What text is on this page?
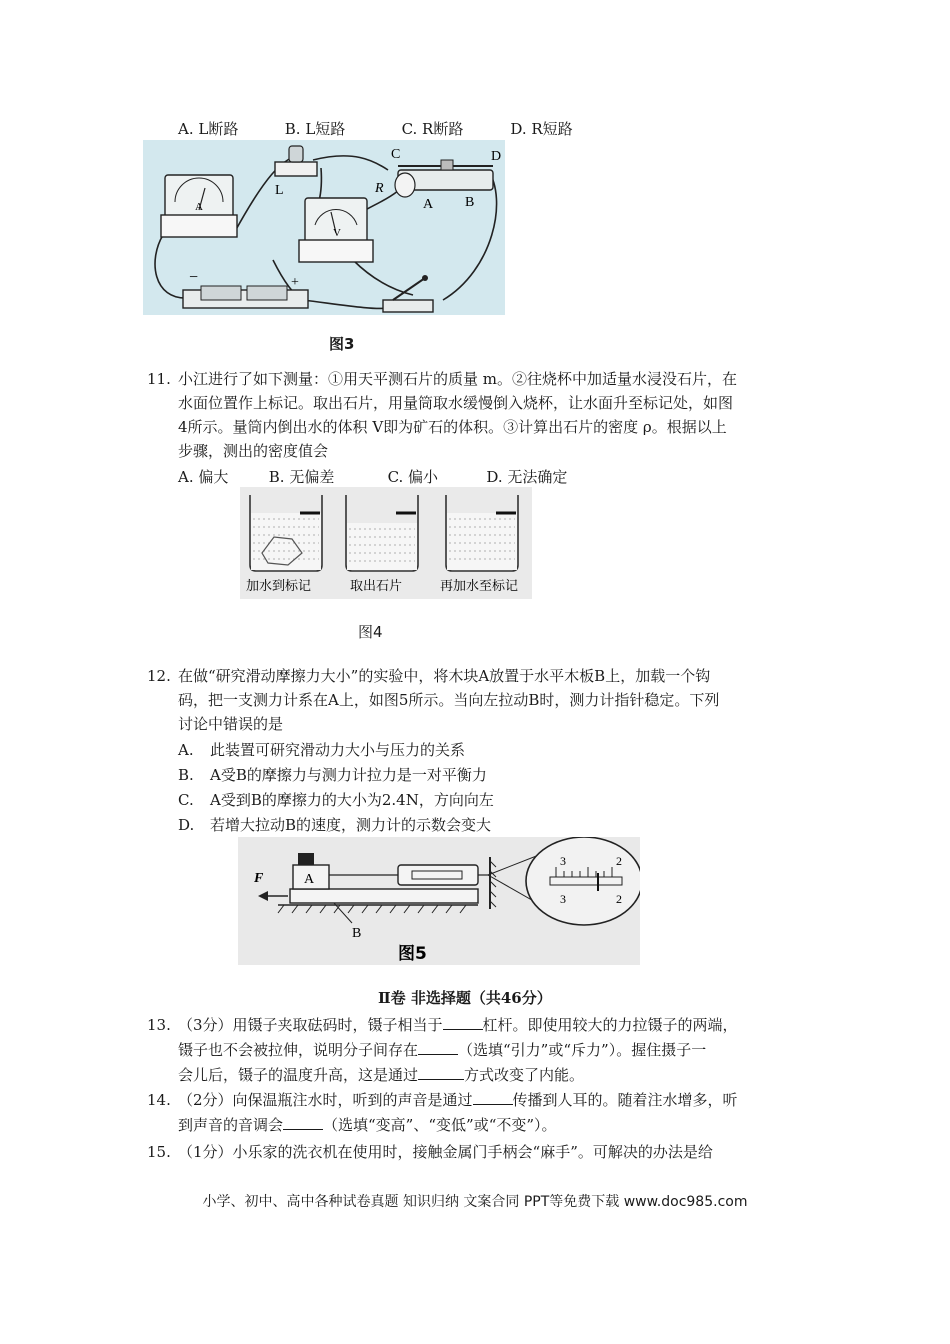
A. L断路	B. L短路	C. R断路	D. R短路
A
L
V
C	D
R
A B
−	+
图3
11. 小江进行了如下测量：①用天平测石片的质量 m。②往烧杯中加适量水浸没石片，在
水面位置作上标记。取出石片，用量筒取水缓慢倒入烧杯，让水面升至标记处，如图
4所示。量筒内倒出水的体积 V即为矿石的体积。③计算出石片的密度 ρ。根据以上
步骤，测出的密度值会
A. 偏大	B. 无偏差	C. 偏小	D. 无法确定
加水到标记	取出石片	再加水至标记
图4
12. 在做“研究滑动摩擦力大小”的实验中，将木块A放置于水平木板B上，加载一个钩
码，把一支测力计系在A上，如图5所示。当向左拉动B时，测力计指针稳定。下列
讨论中错误的是
A. 此装置可研究滑动力大小与压力的关系
B. A受B的摩擦力与测力计拉力是一对平衡力
C. A受到B的摩擦力的大小为2.4N，方向向左
D. 若增大拉动B的速度，测力计的示数会变大
F	A
B
图5
3
3
2
2
Ⅱ卷 非选择题（共46分）
13. （3分）用镊子夹取砝码时，镊子相当于	杠杆。即使用较大的力拉镊子的两端，
镊子也不会被拉伸，说明分子间存在	（选填“引力”或“斥力”）。握住摄子一
会儿后，镊子的温度升高，这是通过	方式改变了内能。
14. （2分）向保温瓶注水时，听到的声音是通过	传播到人耳的。随着注水增多，听
到声音的音调会	（选填“变高”、“变低”或“不变”）。
15. （1分）小乐家的洗衣机在使用时，接触金属门手柄会“麻手”。可解决的办法是给
小学、初中、高中各种试卷真题 知识归纳 文案合同 PPT等免费下载 www.doc985.com
